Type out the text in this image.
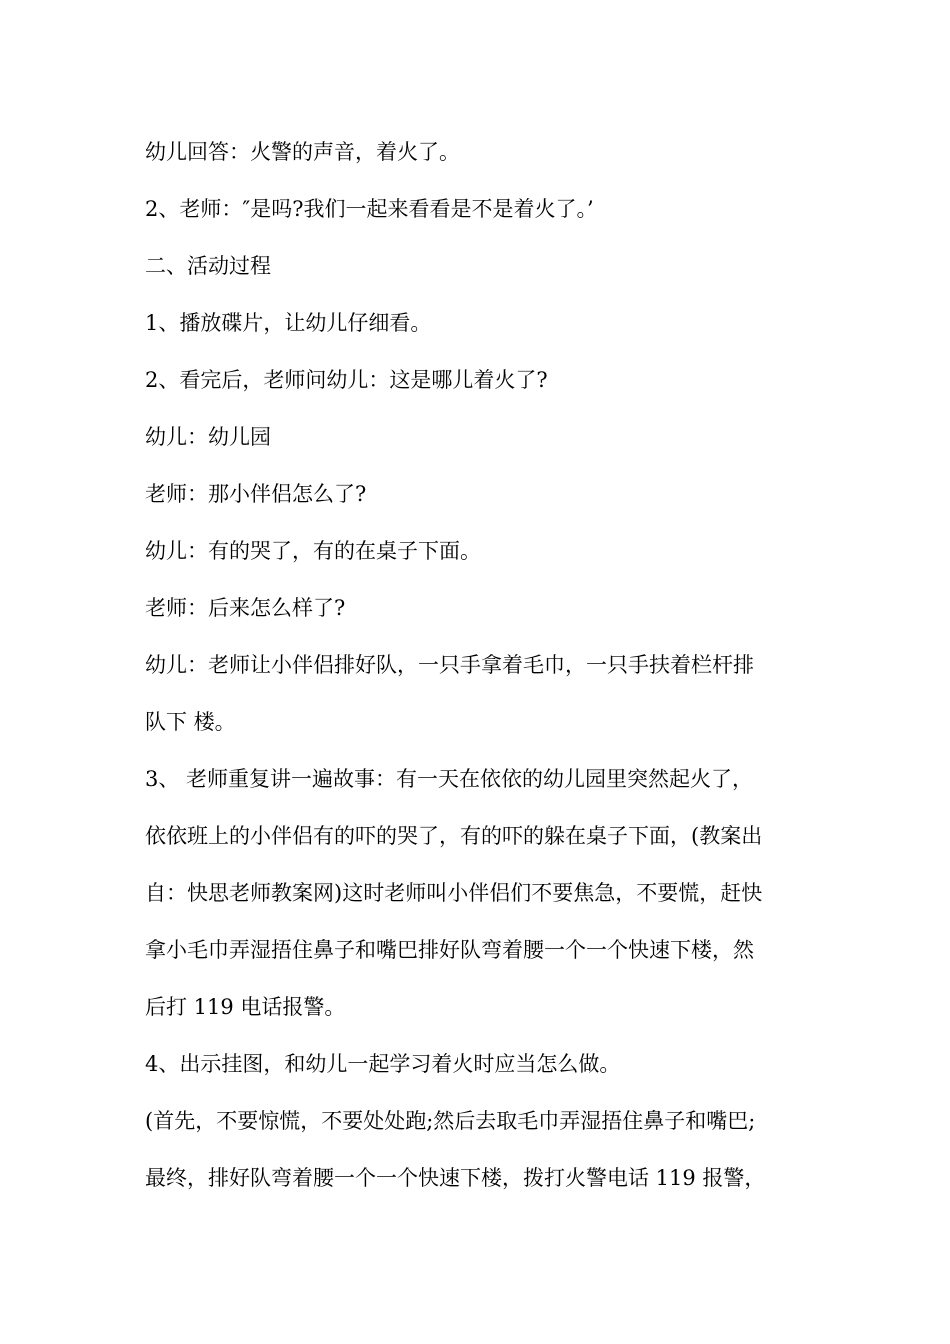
幼儿回答：火警的声音，着火了。
2、老师：″是吗?我们一起来看看是不是着火了。’
二、活动过程
1、播放碟片，让幼儿仔细看。
2、看完后，老师问幼儿：这是哪儿着火了?
幼儿：幼儿园
老师：那小伴侣怎么了?
幼儿：有的哭了，有的在桌子下面。
老师：后来怎么样了?
幼儿：老师让小伴侣排好队，一只手拿着毛巾，一只手扶着栏杆排
队下 楼。
3、 老师重复讲一遍故事：有一天在依依的幼儿园里突然起火了，
依依班上的小伴侣有的吓的哭了，有的吓的躲在桌子下面，(教案出
自：快思老师教案网)这时老师叫小伴侣们不要焦急，不要慌，赶快
拿小毛巾弄湿捂住鼻子和嘴巴排好队弯着腰一个一个快速下楼，然
后打 119 电话报警。
4、出示挂图，和幼儿一起学习着火时应当怎么做。
(首先，不要惊慌，不要处处跑;然后去取毛巾弄湿捂住鼻子和嘴巴;
最终，排好队弯着腰一个一个快速下楼，拨打火警电话 119 报警，
